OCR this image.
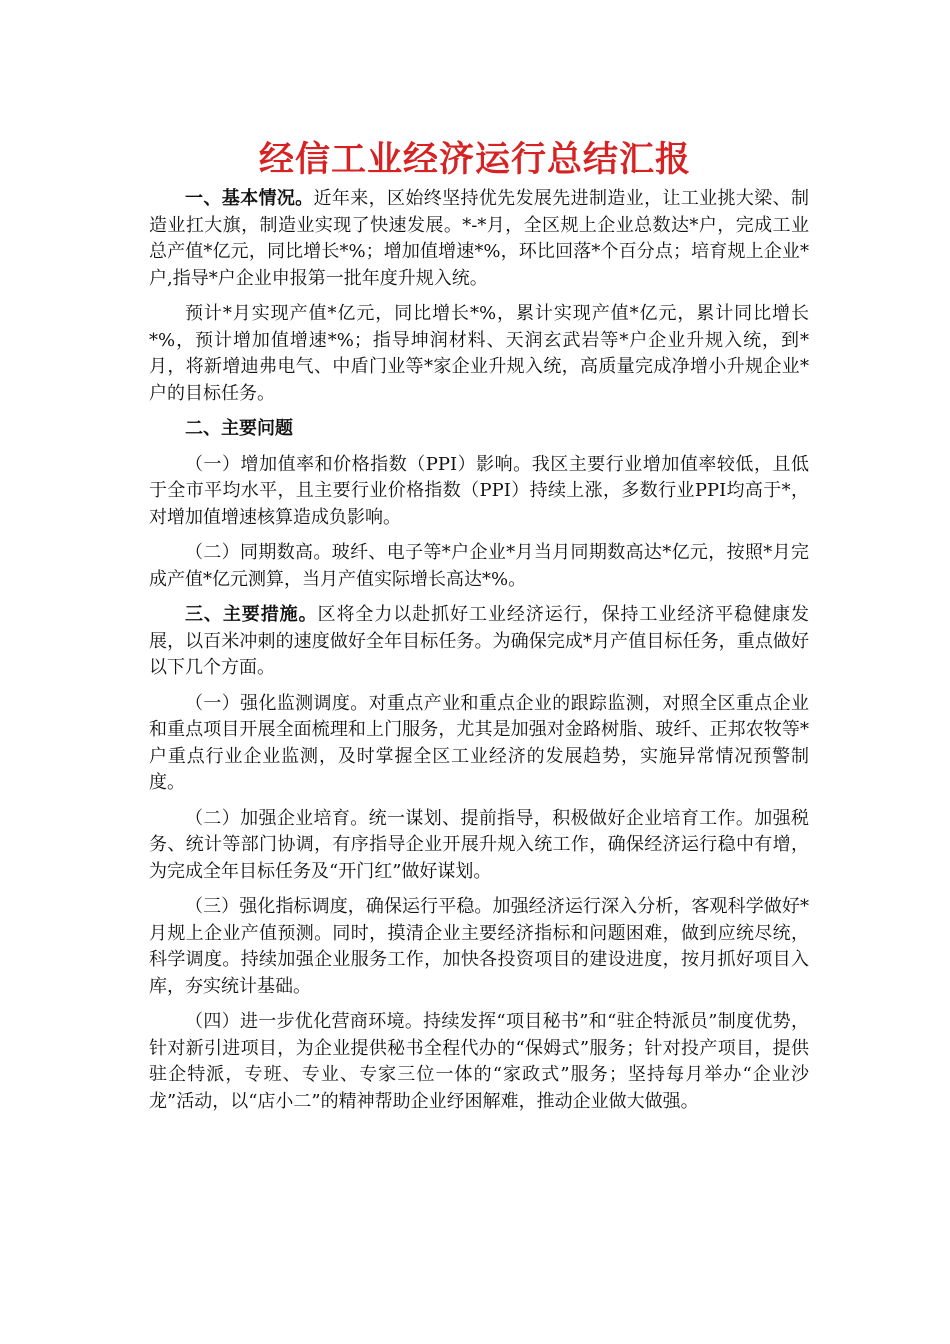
经信工业经济运行总结汇报

一、基本情况。近年来，区始终坚持优先发展先进制造业，让工业挑大梁、制造业扛大旗，制造业实现了快速发展。*-*月，全区规上企业总数达*户，完成工业总产值*亿元，同比增长*%；增加值增速*%，环比回落*个百分点；培育规上企业*户,指导*户企业申报第一批年度升规入统。

预计*月实现产值*亿元，同比增长*%，累计实现产值*亿元，累计同比增长*%，预计增加值增速*%；指导坤润材料、天润玄武岩等*户企业升规入统，到*月，将新增迪弗电气、中盾门业等*家企业升规入统，高质量完成净增小升规企业*户的目标任务。

二、主要问题

（一）增加值率和价格指数（PPI）影响。我区主要行业增加值率较低，且低于全市平均水平，且主要行业价格指数（PPI）持续上涨，多数行业PPI均高于*，对增加值增速核算造成负影响。

（二）同期数高。玻纤、电子等*户企业*月当月同期数高达*亿元，按照*月完成产值*亿元测算，当月产值实际增长高达*%。

三、主要措施。区将全力以赴抓好工业经济运行，保持工业经济平稳健康发展，以百米冲刺的速度做好全年目标任务。为确保完成*月产值目标任务，重点做好以下几个方面。

（一）强化监测调度。对重点产业和重点企业的跟踪监测，对照全区重点企业和重点项目开展全面梳理和上门服务，尤其是加强对金路树脂、玻纤、正邦农牧等*户重点行业企业监测，及时掌握全区工业经济的发展趋势，实施异常情况预警制度。

（二）加强企业培育。统一谋划、提前指导，积极做好企业培育工作。加强税务、统计等部门协调，有序指导企业开展升规入统工作，确保经济运行稳中有增，为完成全年目标任务及“开门红”做好谋划。

（三）强化指标调度，确保运行平稳。加强经济运行深入分析，客观科学做好*月规上企业产值预测。同时，摸清企业主要经济指标和问题困难，做到应统尽统，科学调度。持续加强企业服务工作，加快各投资项目的建设进度，按月抓好项目入库，夯实统计基础。

（四）进一步优化营商环境。持续发挥“项目秘书”和“驻企特派员”制度优势，针对新引进项目，为企业提供秘书全程代办的“保姆式”服务；针对投产项目，提供驻企特派，专班、专业、专家三位一体的“家政式”服务；坚持每月举办“企业沙龙”活动，以“店小二”的精神帮助企业纾困解难，推动企业做大做强。
